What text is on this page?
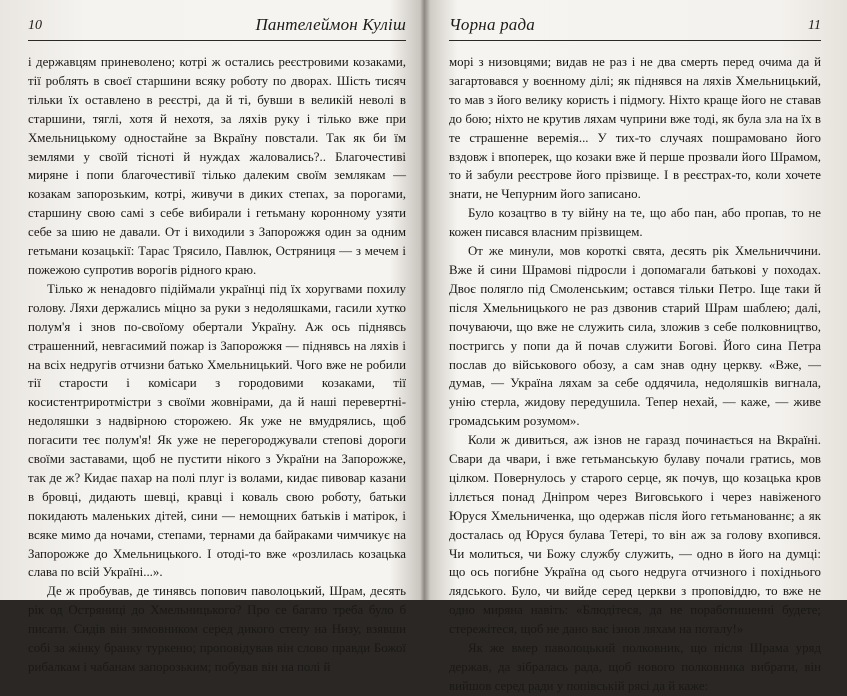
10	Пантелеймон Куліш

і державцям приневолено; котрі ж остались реєстровими козаками, тії роблять в своєї старшини всяку роботу по дворах. Шість тисяч тільки їх оставлено в реєстрі, да й ті, бувши в великій неволі в старшини, тяглі, хотя й нехотя, за ляхів руку і тілько вже при Хмельницькому одностайне за Вкраїну повстали. Так як би їм землями у своїй тісноті й нуждах жаловались?.. Благочестиві миряне і попи благочестивії тілько далеким своїм землякам — козакам запорозьким, котрі, живучи в диких степах, за порогами, старшину свою самі з себе вибирали і гетьману коронному узяти себе за шию не давали. От і виходили з Запорожжя один за одним гетьмани козацькії: Тарас Трясило, Павлюк, Остряниця — з мечем і пожежою супротив ворогів рідного краю.

Тілько ж ненадовго підіймали українці під їх хоругвами похилу голову. Ляхи держались міцно за руки з недоляшками, гасили хутко полум'я і знов по-своїому обертали Україну. Аж ось піднявсь страшенний, невгасимий пожар із Запорожжя — піднявсь на ляхів і на всіх недругів отчизни батько Хмельницький. Чого вже не робили тії старости і комісари з городовими козаками, тії косистентриротмістри з своїми жовнірами, да й наші перевертні-недоляшки з надвірною сторожею. Як уже не вмудрялись, щоб погасити теє полум'я! Як уже не перегороджували степові дороги своїми заставами, щоб не пустити нікого з України на Запорожже, так де ж? Кидає пахар на полі плуг із волами, кидає пивовар казани в бровці, дидають шевці, кравці і коваль свою роботу, батьки покидають маленьких дітей, сини — немощних батьків і матірок, і всяке мимо да ночами, степами, тернами да байраками чимчикує на Запорожже до Хмельницького. І отоді-то вже «розлилась козацька слава по всій Україні...».

Де ж пробував, де тинявсь попович паволоцький, Шрам, десять рік од Остряниці до Хмельницького? Про се багато треба було б писати. Сидів він зимовником серед дикого степу на Низу, взявши собі за жінку бранку туркеню; проповідував він слово правди Божої рибалкам і чабанам запорозьким; побував він на полі й

Чорна рада	11

морі з низовцями; видав не раз і не два смерть перед очима да й загартовався у воєнному ділі; як піднявся на ляхів Хмельницький, то мав з його велику користь і підмогу. Ніхто краще його не ставав до бою; ніхто не крутив ляхам чуприни вже тоді, як була зла на їх в те страшенне веремія... У тих-то случаях пошрамовано його вздовж і впоперек, що козаки вже й перше прозвали його Шрамом, то й забули реєстрове його прізвище. І в реєстрах-то, коли хочете знати, не Чепурним його записано.

Було козацтво в ту війну на те, що або пан, або пропав, то не кожен писався власним прізвищем.

От же минули, мов короткі свята, десять рік Хмельниччини. Вже й сини Шрамові підросли і допомагали батькові у походах. Двоє полягло під Смоленським; остався тільки Петро. Іще таки й після Хмельницького не раз дзвонив старий Шрам шаблею; далі, почуваючи, що вже не служить сила, зложив з себе полковництво, постригсь у попи да й почав служити Богові. Його сина Петра послав до військового обозу, а сам знав одну церкву. «Вже, — думав, — Україна ляхам за себе оддячила, недоляшків вигнала, унію стерла, жидову передушила. Тепер нехай, — каже, — живе громадським розумом».

Коли ж дивиться, аж ізнов не гаразд починається на Вкраїні. Свари да чвари, і вже гетьманськую булаву почали гратись, мов цілком. Повернулось у старого серце, як почув, що козацька кров іллється понад Дніпром через Виговського і через навіженого Юруся Хмельниченка, що одержав після його гетьманованнє; а як досталась од Юруся булава Тетері, то він аж за голову вхопився. Чи молиться, чи Божу службу служить, — одно в його на думці: що ось погибне Україна од сього недруга отчизного і похіднього лядського. Було, чи вийде серед церкви з проповіддю, то вже не одно миряна навіть: «Блюдітеся, да не поработишенні будете; стережітеся, щоб не дано вас ізнов ляхам на поталу!»

Як же вмер паволоцький полковник, що після Шрама уряд держав, да зібралась рада, щоб нового полковника вибрати, він вийшов серед ради у попівській рясі да й каже:
